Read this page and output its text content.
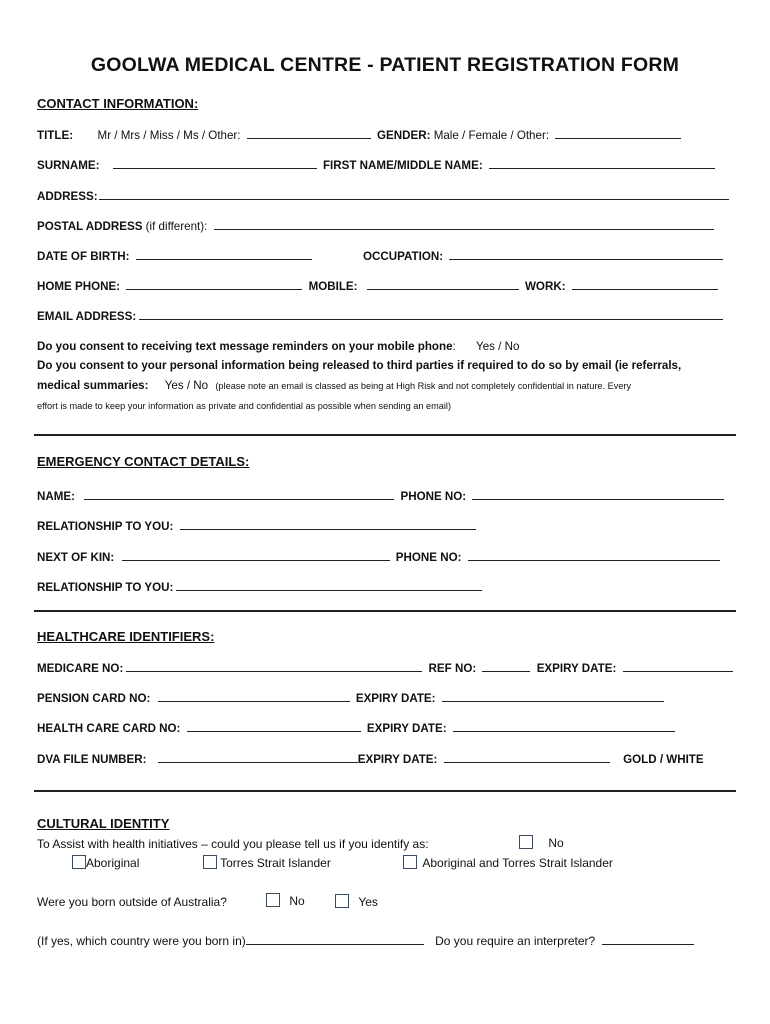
GOOLWA MEDICAL CENTRE - PATIENT REGISTRATION FORM
CONTACT INFORMATION:
TITLE: Mr / Mrs / Miss / Ms / Other:	GENDER: Male / Female / Other:
SURNAME:	FIRST NAME/MIDDLE NAME:
ADDRESS:
POSTAL ADDRESS (if different):
DATE OF BIRTH:	OCCUPATION:
HOME PHONE:	MOBILE:	WORK:
EMAIL ADDRESS:
Do you consent to receiving text message reminders on your mobile phone: Yes / No
Do you consent to your personal information being released to third parties if required to do so by email (ie referrals,
medical summaries: Yes / No (please note an email is classed as being at High Risk and not completely confidential in nature. Every
effort is made to keep your information as private and confidential as possible when sending an email)
EMERGENCY CONTACT DETAILS:
NAME:	PHONE NO:
RELATIONSHIP TO YOU:
NEXT OF KIN:	PHONE NO:
RELATIONSHIP TO YOU:
HEALTHCARE IDENTIFIERS:
MEDICARE NO:	REF NO:	EXPIRY DATE:
PENSION CARD NO:	EXPIRY DATE:
HEALTH CARE CARD NO:	EXPIRY DATE:
DVA FILE NUMBER:	EXPIRY DATE:	GOLD / WHITE
CULTURAL IDENTITY
To Assist with health initiatives – could you please tell us if you identify as:	No
Aboriginal	Torres Strait Islander	Aboriginal and Torres Strait Islander
Were you born outside of Australia?	No	Yes
(If yes, which country were you born in)	Do you require an interpreter?
